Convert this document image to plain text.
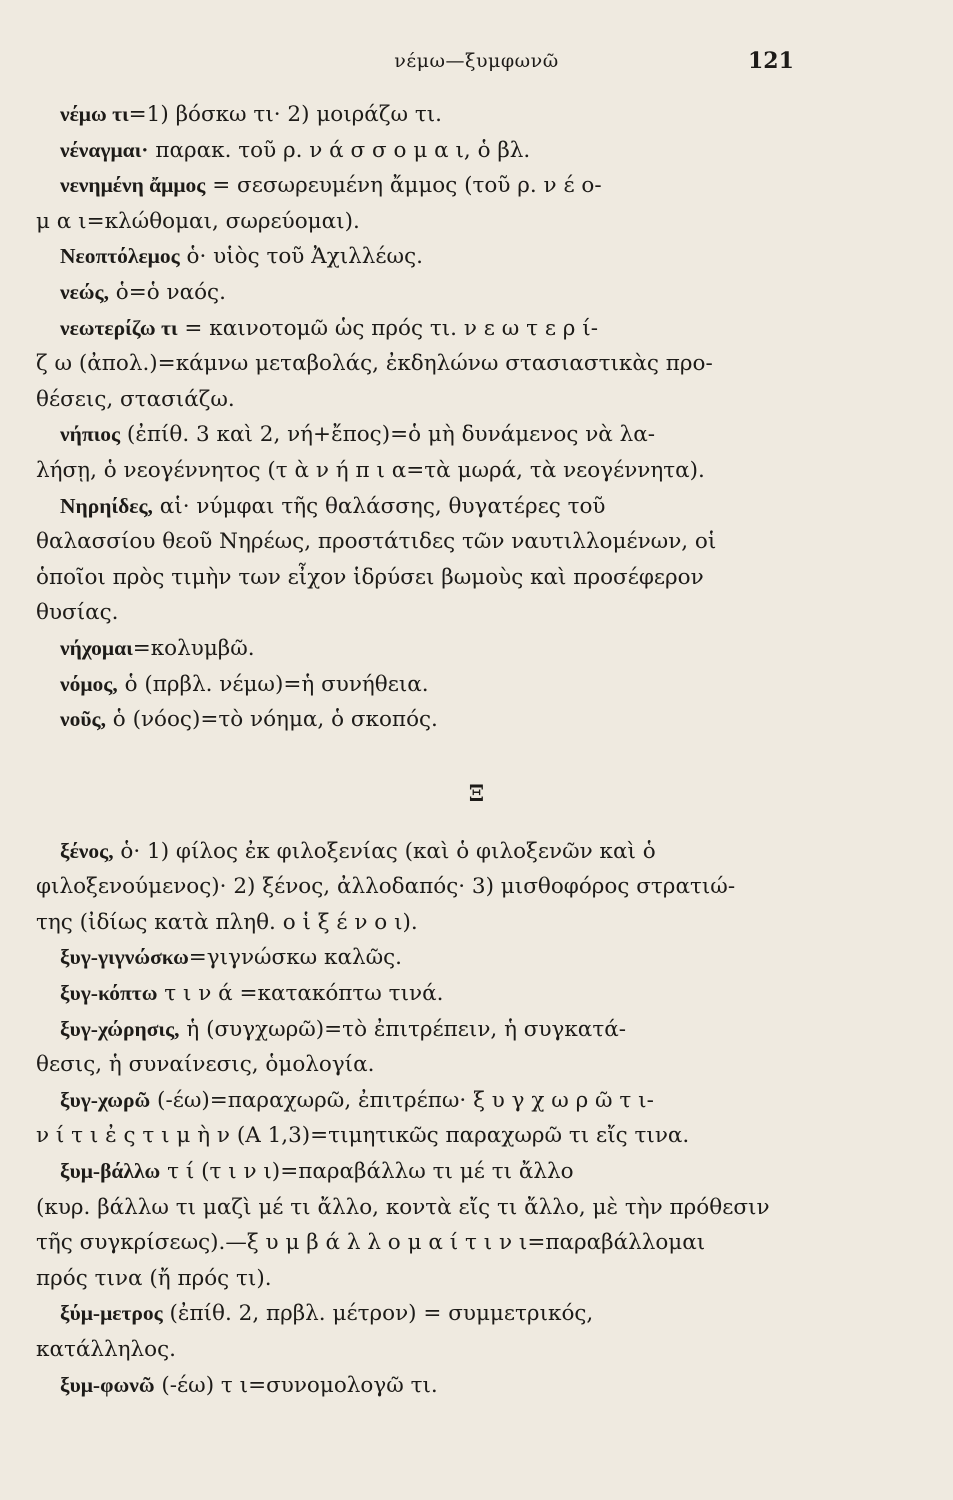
νέμω—ξυμφωνῶ	121
νέμω τι=1) βόσκω τι· 2) μοιράζω τι.
νέναγμαι· παρακ. τοῦ ρ. ν ά σ σ ο μ α ι, ὁ βλ.
νενημένη ἄμμος = σεσωρευμένη ἄμμος (τοῦ ρ. ν έ ο-
μ α ι=κλώθομαι, σωρεύομαι).
Νεοπτόλεμος ὁ· υἱὸς τοῦ Ἀχιλλέως.
νεώς, ὁ=ὁ ναός.
νεωτερίζω τι = καινοτομῶ ὡς πρός τι. ν ε ω τ ε ρ ί-
ζ ω (ἀπολ.)=κάμνω μεταβολάς, ἐκδηλώνω στασιαστικὰς προ-
θέσεις, στασιάζω.
νήπιος (ἐπίθ. 3 καὶ 2, νή+ἔπος)=ὁ μὴ δυνάμενος νὰ λα-
λήσῃ, ὁ νεογέννητος (τ ὰ ν ή π ι α=τὰ μωρά, τὰ νεογέννητα).
Νηρηίδες, αἱ· νύμφαι τῆς θαλάσσης, θυγατέρες τοῦ
θαλασσίου θεοῦ Νηρέως, προστάτιδες τῶν ναυτιλλομένων, οἱ
ὁποῖοι πρὸς τιμὴν των εἶχον ἱδρύσει βωμοὺς καὶ προσέφερον
θυσίας.
νήχομαι=κολυμβῶ.
νόμος, ὁ (πρβλ. νέμω)=ἡ συνήθεια.
νοῦς, ὁ (νόος)=τὸ νόημα, ὁ σκοπός.
Ξ
ξένος, ὁ· 1) φίλος ἐκ φιλοξενίας (καὶ ὁ φιλοξενῶν καὶ ὁ
φιλοξενούμενος)· 2) ξένος, ἀλλοδαπός· 3) μισθοφόρος στρατιώ-
της (ἰδίως κατὰ πληθ. ο ἱ ξ έ ν ο ι).
ξυγ-γιγνώσκω=γιγνώσκω καλῶς.
ξυγ-κόπτω τ ι ν ά =κατακόπτω τινά.
ξυγ-χώρησις, ἡ (συγχωρῶ)=τὸ ἐπιτρέπειν, ἡ συγκατά-
θεσις, ἡ συναίνεσις, ὁμολογία.
ξυγ-χωρῶ (-έω)=παραχωρῶ, ἐπιτρέπω· ξ υ γ χ ω ρ ῶ τ ι-
ν ί τ ι ἐ ς τ ι μ ὴ ν (Α 1,3)=τιμητικῶς παραχωρῶ τι εἴς τινα.
ξυμ-βάλλω τ ί (τ ι ν ι)=παραβάλλω τι μέ τι ἄλλο
(κυρ. βάλλω τι μαζὶ μέ τι ἄλλο, κοντὰ εἴς τι ἄλλο, μὲ τὴν πρόθεσιν
τῆς συγκρίσεως).—ξ υ μ β ά λ λ ο μ α ί τ ι ν ι=παραβάλλομαι
πρός τινα (ἤ πρός τι).
ξύμ-μετρος (ἐπίθ. 2, πρβλ. μέτρον) = συμμετρικός,
κατάλληλος.
ξυμ-φωνῶ (-έω) τ ι=συνομολογῶ τι.
